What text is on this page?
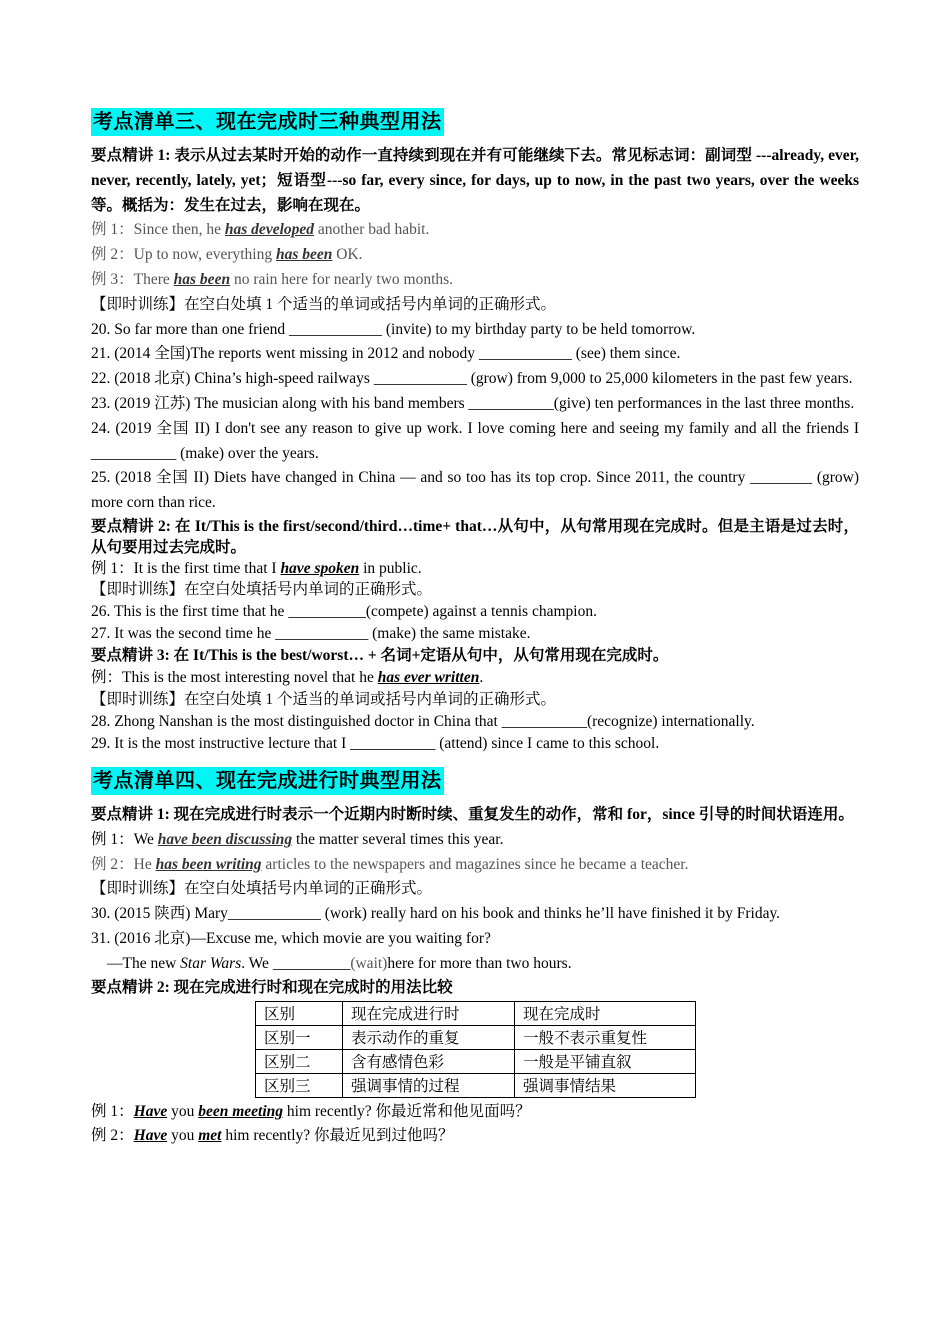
考点清单三、现在完成时三种典型用法
要点精讲 1: 表示从过去某时开始的动作一直持续到现在并有可能继续下去。常见标志词：副词型 ---already, ever, never, recently, lately, yet；短语型---so far, every since, for days, up to now, in the past two years, over the weeks 等。概括为：发生在过去，影响在现在。
例 1：Since then, he has developed another bad habit.
例 2：Up to now, everything has been OK.
例 3：There has been no rain here for nearly two months.
【即时训练】在空白处填 1 个适当的单词或括号内单词的正确形式。
20. So far more than one friend ____________ (invite) to my birthday party to be held tomorrow.
21. (2014 全国)The reports went missing in 2012 and nobody ____________ (see) them since.
22. (2018 北京) China’s high-speed railways ____________ (grow) from 9,000 to 25,000 kilometers in the past few years.
23. (2019 江苏) The musician along with his band members ___________(give) ten performances in the last three months.
24. (2019 全国 II) I don't see any reason to give up work. I love coming here and seeing my family and all the friends I ___________ (make) over the years.
25. (2018 全国 II) Diets have changed in China — and so too has its top crop. Since 2011, the country ________ (grow) more corn than rice.
要点精讲 2: 在 It/This is the first/second/third…time+ that…从句中，从句常用现在完成时。但是主语是过去时，从句要用过去完成时。
例 1：It is the first time that I have spoken in public.
【即时训练】在空白处填括号内单词的正确形式。
26. This is the first time that he __________(compete) against a tennis champion.
27. It was the second time he ____________ (make) the same mistake.
要点精讲 3: 在 It/This is the best/worst… + 名词+定语从句中，从句常用现在完成时。
例：This is the most interesting novel that he has ever written.
【即时训练】在空白处填 1 个适当的单词或括号内单词的正确形式。
28. Zhong Nanshan is the most distinguished doctor in China that ___________(recognize) internationally.
29. It is the most instructive lecture that I ___________ (attend) since I came to this school.
考点清单四、现在完成进行时典型用法
要点精讲 1: 现在完成进行时表示一个近期内时断时续、重复发生的动作，常和 for，since 引导的时间状语连用。
例 1：We have been discussing the matter several times this year.
例 2：He has been writing articles to the newspapers and magazines since he became a teacher.
【即时训练】在空白处填括号内单词的正确形式。
30. (2015 陕西) Mary____________ (work) really hard on his book and thinks he’ll have finished it by Friday.
31. (2016 北京)—Excuse me, which movie are you waiting for?
—The new Star Wars. We __________(wait)here for more than two hours.
要点精讲 2: 现在完成进行时和现在完成时的用法比较
区别	现在完成进行时	现在完成时
区别一	表示动作的重复	一般不表示重复性
区别二	含有感情色彩	一般是平铺直叙
区别三	强调事情的过程	强调事情结果
例 1：Have you been meeting him recently? 你最近常和他见面吗？
例 2：Have you met him recently? 你最近见到过他吗？
